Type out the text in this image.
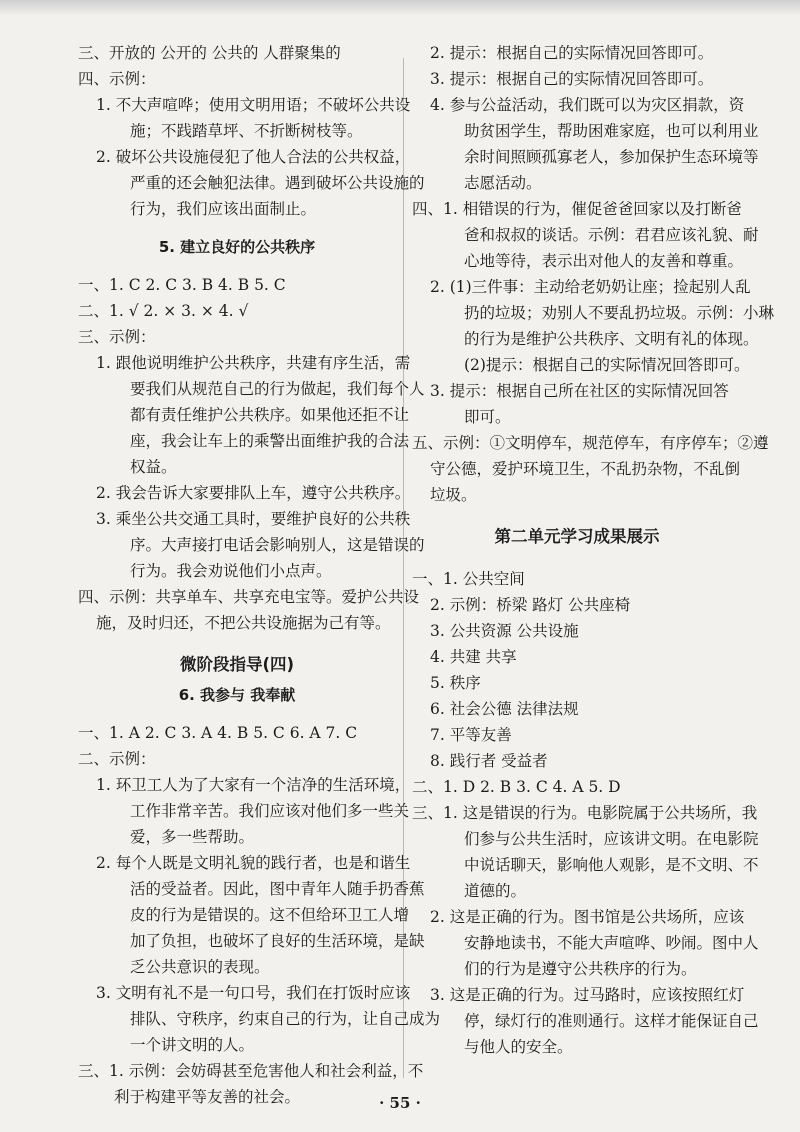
三、开放的 公开的 公共的 人群聚集的
四、示例：
1. 不大声喧哗；使用文明用语；不破坏公共设
施；不践踏草坪、不折断树枝等。
2. 破坏公共设施侵犯了他人合法的公共权益，
严重的还会触犯法律。遇到破坏公共设施的
行为，我们应该出面制止。
5. 建立良好的公共秩序
一、1. C 2. C 3. B 4. B 5. C
二、1. √ 2. × 3. × 4. √
三、示例：
1. 跟他说明维护公共秩序，共建有序生活，需
要我们从规范自己的行为做起，我们每个人
都有责任维护公共秩序。如果他还拒不让
座，我会让车上的乘警出面维护我的合法
权益。
2. 我会告诉大家要排队上车，遵守公共秩序。
3. 乘坐公共交通工具时，要维护良好的公共秩
序。大声接打电话会影响别人，这是错误的
行为。我会劝说他们小点声。
四、示例：共享单车、共享充电宝等。爱护公共设
施，及时归还，不把公共设施据为己有等。
微阶段指导(四)
6. 我参与 我奉献
一、1. A 2. C 3. A 4. B 5. C 6. A 7. C
二、示例：
1. 环卫工人为了大家有一个洁净的生活环境，
工作非常辛苦。我们应该对他们多一些关
爱，多一些帮助。
2. 每个人既是文明礼貌的践行者，也是和谐生
活的受益者。因此，图中青年人随手扔香蕉
皮的行为是错误的。这不但给环卫工人增
加了负担，也破坏了良好的生活环境，是缺
乏公共意识的表现。
3. 文明有礼不是一句口号，我们在打饭时应该
排队、守秩序，约束自己的行为，让自己成为
一个讲文明的人。
三、1. 示例：会妨碍甚至危害他人和社会利益，不
利于构建平等友善的社会。
2. 提示：根据自己的实际情况回答即可。
3. 提示：根据自己的实际情况回答即可。
4. 参与公益活动，我们既可以为灾区捐款，资
助贫困学生，帮助困难家庭，也可以利用业
余时间照顾孤寡老人，参加保护生态环境等
志愿活动。
四、1. 相错误的行为，催促爸爸回家以及打断爸
爸和叔叔的谈话。示例：君君应该礼貌、耐
心地等待，表示出对他人的友善和尊重。
2. (1)三件事：主动给老奶奶让座；捡起别人乱
扔的垃圾；劝别人不要乱扔垃圾。示例：小琳
的行为是维护公共秩序、文明有礼的体现。
(2)提示：根据自己的实际情况回答即可。
3. 提示：根据自己所在社区的实际情况回答
即可。
五、示例：①文明停车，规范停车，有序停车；②遵
守公德，爱护环境卫生，不乱扔杂物，不乱倒
垃圾。
第二单元学习成果展示
一、1. 公共空间
2. 示例：桥梁 路灯 公共座椅
3. 公共资源 公共设施
4. 共建 共享
5. 秩序
6. 社会公德 法律法规
7. 平等友善
8. 践行者 受益者
二、1. D 2. B 3. C 4. A 5. D
三、1. 这是错误的行为。电影院属于公共场所，我
们参与公共生活时，应该讲文明。在电影院
中说话聊天，影响他人观影，是不文明、不
道德的。
2. 这是正确的行为。图书馆是公共场所，应该
安静地读书，不能大声喧哗、吵闹。图中人
们的行为是遵守公共秩序的行为。
3. 这是正确的行为。过马路时，应该按照红灯
停，绿灯行的准则通行。这样才能保证自己
与他人的安全。
· 55 ·
